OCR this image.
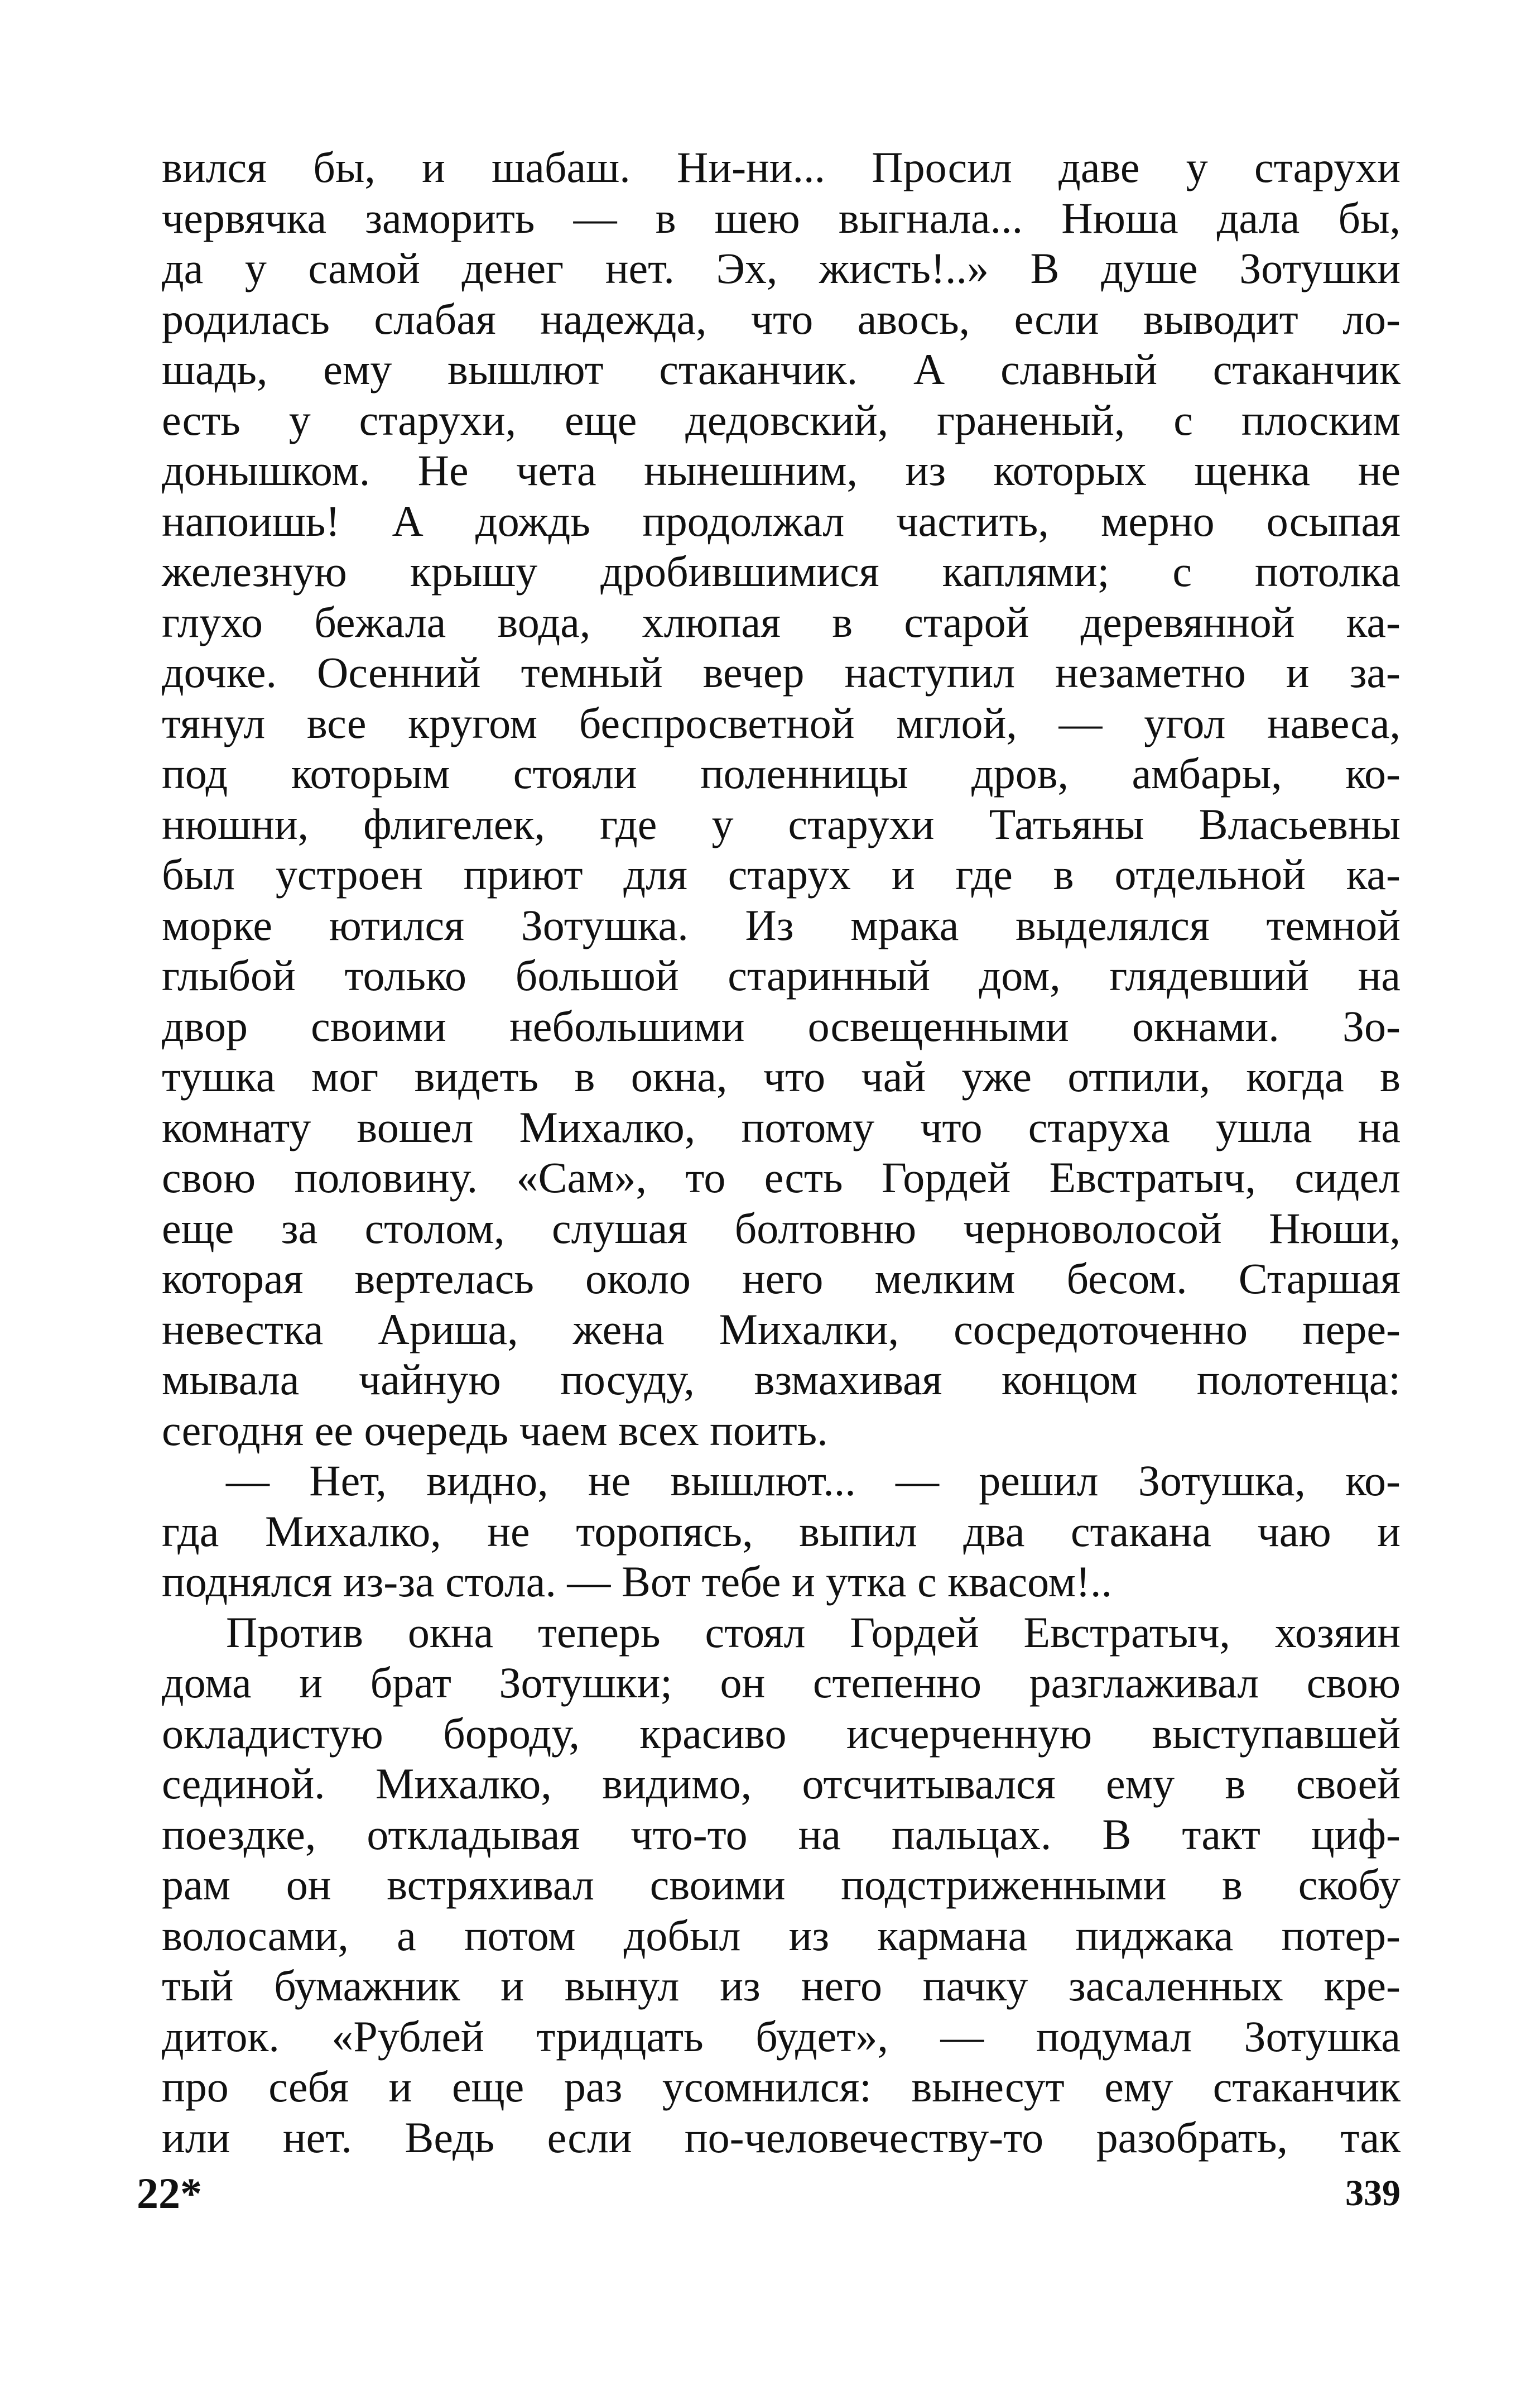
вился бы, и шабаш. Ни-ни... Просил даве у старухи
червячка заморить — в шею выгнала... Нюша дала бы,
да у самой денег нет. Эх, жисть!..» В душе Зотушки
родилась слабая надежда, что авось, если выводит ло-
шадь, ему вышлют стаканчик. А славный стаканчик
есть у старухи, еще дедовский, граненый, с плоским
донышком. Не чета нынешним, из которых щенка не
напоишь! А дождь продолжал частить, мерно осыпая
железную крышу дробившимися каплями; с потолка
глухо бежала вода, хлюпая в старой деревянной ка-
дочке. Осенний темный вечер наступил незаметно и за-
тянул все кругом беспросветной мглой, — угол навеса,
под которым стояли поленницы дров, амбары, ко-
нюшни, флигелек, где у старухи Татьяны Власьевны
был устроен приют для старух и где в отдельной ка-
морке ютился Зотушка. Из мрака выделялся темной
глыбой только большой старинный дом, глядевший на
двор своими небольшими освещенными окнами. Зо-
тушка мог видеть в окна, что чай уже отпили, когда в
комнату вошел Михалко, потому что старуха ушла на
свою половину. «Сам», то есть Гордей Евстратыч, сидел
еще за столом, слушая болтовню черноволосой Нюши,
которая вертелась около него мелким бесом. Старшая
невестка Ариша, жена Михалки, сосредоточенно пере-
мывала чайную посуду, взмахивая концом полотенца:
сегодня ее очередь чаем всех поить.
— Нет, видно, не вышлют... — решил Зотушка, ко-
гда Михалко, не торопясь, выпил два стакана чаю и
поднялся из-за стола. — Вот тебе и утка с квасом!..
Против окна теперь стоял Гордей Евстратыч, хозяин
дома и брат Зотушки; он степенно разглаживал свою
окладистую бороду, красиво исчерченную выступавшей
сединой. Михалко, видимо, отсчитывался ему в своей
поездке, откладывая что-то на пальцах. В такт циф-
рам он встряхивал своими подстриженными в скобу
волосами, а потом добыл из кармана пиджака потер-
тый бумажник и вынул из него пачку засаленных кре-
диток. «Рублей тридцать будет», — подумал Зотушка
про себя и еще раз усомнился: вынесут ему стаканчик
или нет. Ведь если по-человечеству-то разобрать, так
22*	339
